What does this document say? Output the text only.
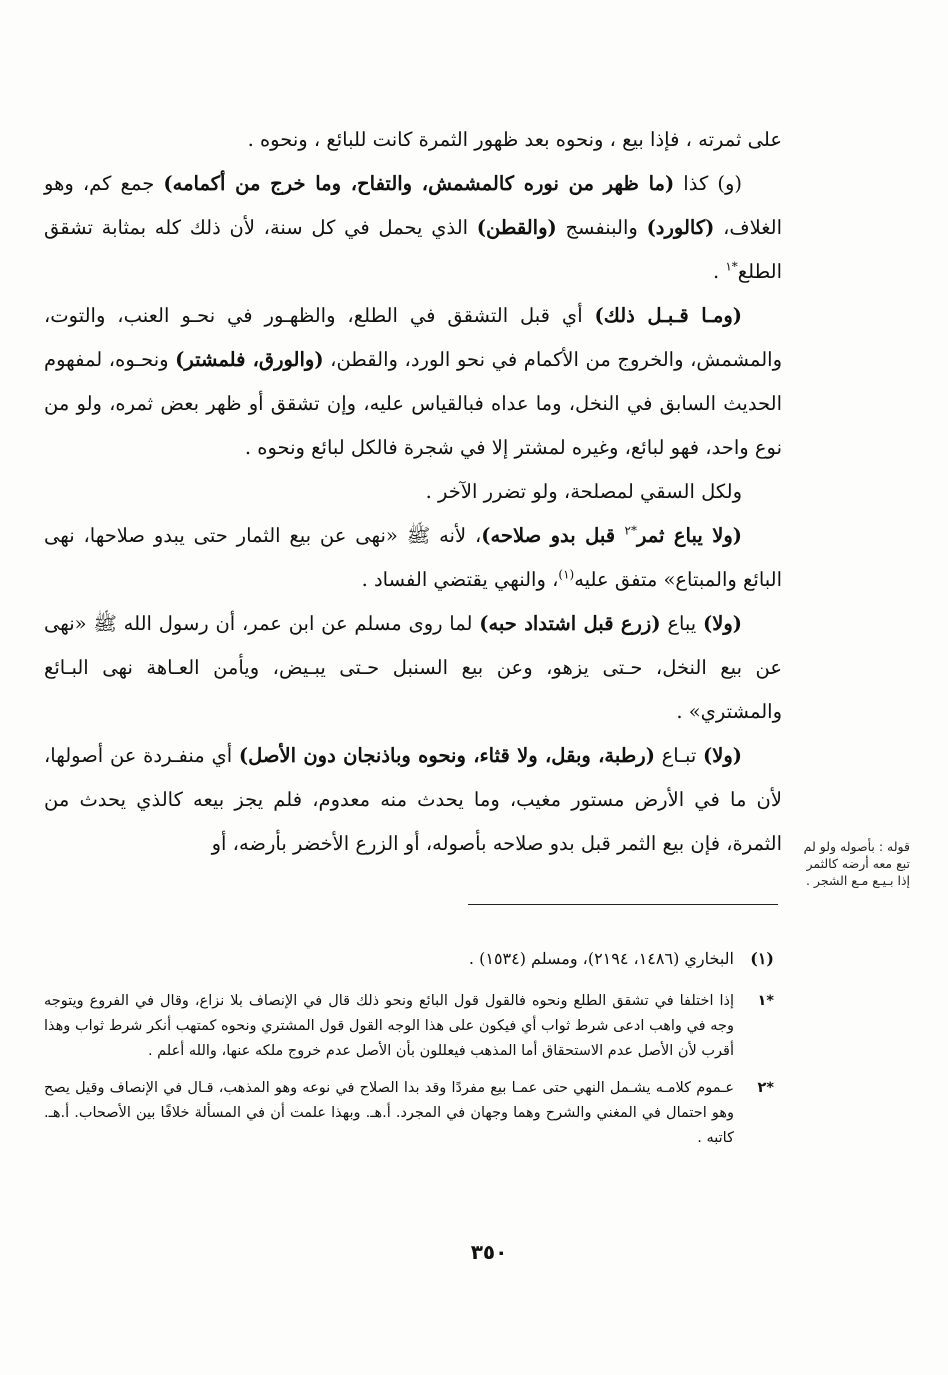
على ثمرته ، فإذا بيع ، ونحوه بعد ظهور الثمرة كانت للبائع ، ونحوه .

(و) كذا (ما ظهر من نوره كالمشمش، والتفاح، وما خرج من أكمامه) جمع كم، وهو الغلاف، (كالورد) والبنفسج (والقطن) الذي يحمل في كل سنة، لأن ذلك كله بمثابة تشقق الطلع$^{*١}$ .

(ومـا قـبـل ذلك) أي قبل التشقق في الطلع، والظهـور في نحـو العنب، والتوت، والمشمش، والخروج من الأكمام في نحو الورد، والقطن، (والورق، فلمشتر) ونحـوه، لمفهوم الحديث السابق في النخل، وما عداه فبالقياس عليه، وإن تشقق أو ظهر بعض ثمره، ولو من نوع واحد، فهو لبائع، وغيره لمشتر إلا في شجرة فالكل لبائع ونحوه .

ولكل السقي لمصلحة، ولو تضرر الآخر .

(ولا يباع ثمر$^{*٢}$ قبل بدو صلاحه)، لأنه ﷺ «نهى عن بيع الثمار حتى يبدو صلاحها، نهى البائع والمبتاع» متفق عليه$^{(١)}$، والنهي يقتضي الفساد .

(ولا) يباع (زرع قبل اشتداد حبه) لما روى مسلم عن ابن عمر، أن رسول الله ﷺ «نهى عن بيع النخل، حـتى يزهو، وعن بيع السنبل حـتى يبـيض، ويأمن العـاهة نهى البـائع والمشتري» .

(ولا) تبـاع (رطبة، وبقل، ولا قثاء، ونحوه وباذنجان دون الأصل) أي منفـردة عن أصولها، لأن ما في الأرض مستور مغيب، وما يحدث منه معدوم، فلم يجز بيعه كالذي يحدث من الثمرة، فإن بيع الثمر قبل بدو صلاحه بأصوله، أو الزرع الأخضر بأرضه، أو قوله : بأصوله ولو لم تبع معه أرضه كالثمر إذا بـيـع مـع الشجر .
(١)
البخاري (١٤٨٦، ٢١٩٤)، ومسلم (١٥٣٤) .
*١
إذا اختلفا في تشقق الطلع ونحوه فالقول قول البائع ونحو ذلك قال في الإنصاف بلا نزاع، وقال في الفروع ويتوجه وجه في واهب ادعى شرط ثواب أي فيكون على هذا الوجه القول قول المشتري ونحوه كمتهب أنكر شرط ثواب وهذا أقرب لأن الأصل عدم الاستحقاق أما المذهب فيعللون بأن الأصل عدم خروج ملكه عنها، والله أعلم .
*٢
عـموم كلامـه يشـمل النهي حتى عمـا بيع مفردًا وقد بدا الصلاح في نوعه وهو المذهب، قـال في الإنصاف وقيل يصح وهو احتمال في المغني والشرح وهما وجهان في المجرد. أ.هـ. وبهذا علمت أن في المسألة خلافًا بين الأصحاب. أ.هـ. كاتبه .
٣٥٠
